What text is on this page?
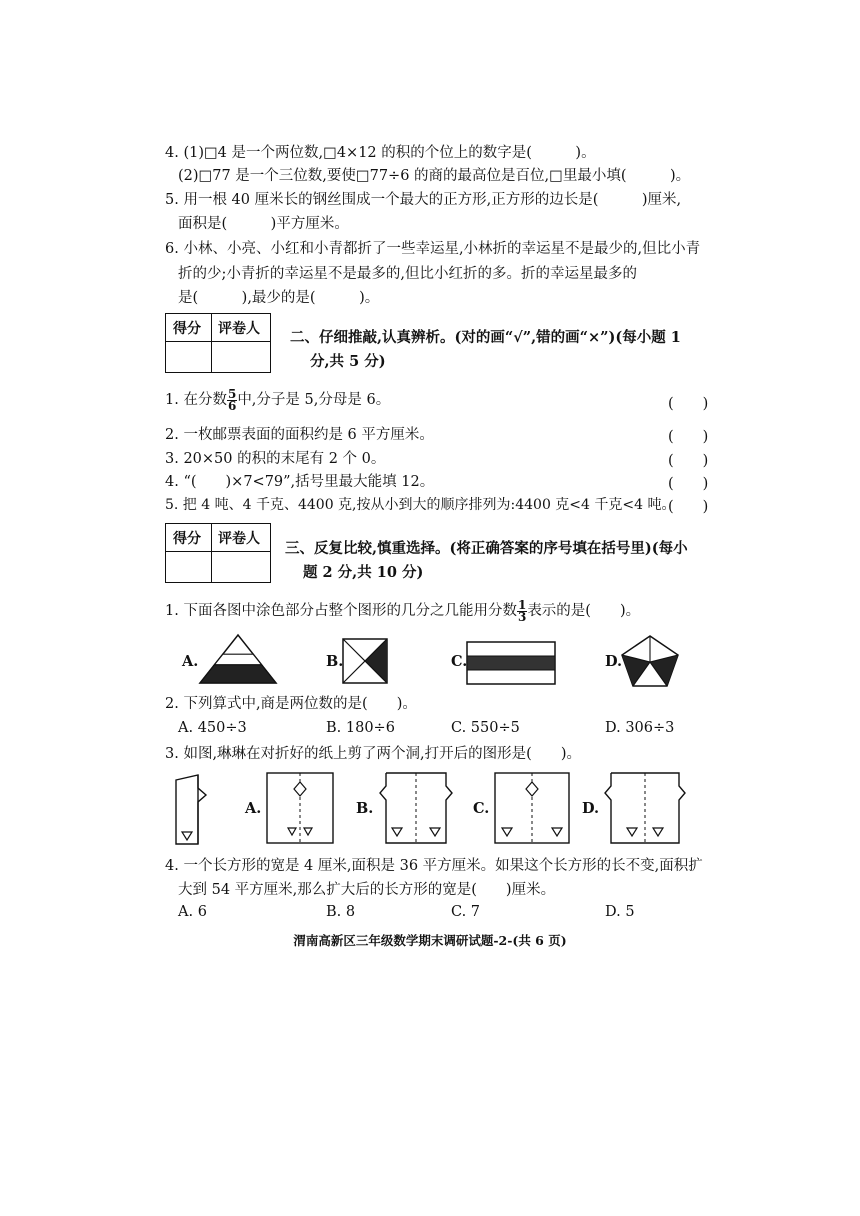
4. (1)□4 是一个两位数,□4×12 的积的个位上的数字是(　　　)。
(2)□77 是一个三位数,要使□77÷6 的商的最高位是百位,□里最小填(　　　)。
5. 用一根 40 厘米长的钢丝围成一个最大的正方形,正方形的边长是(　　　)厘米,
面积是(　　　)平方厘米。
6. 小林、小亮、小红和小青都折了一些幸运星,小林折的幸运星不是最少的,但比小青
折的少;小青折的幸运星不是最多的,但比小红折的多。折的幸运星最多的
是(　　　),最少的是(　　　)。
得分 评卷人 二、仔细推敲,认真辨析。(对的画“√”,错的画“×”)(每小题 1
分,共 5 分)
1. 在分数 $\frac{5}{6}$ 中,分子是 5,分母是 6。	(　　)
2. 一枚邮票表面的面积约是 6 平方厘米。	(　　)
3. 20×50 的积的末尾有 2 个 0。	(　　)
4. “(　　)×7<79”,括号里最大能填 12。	(　　)
5. 把 4 吨、4 千克、4400 克,按从小到大的顺序排列为:4400 克<4 千克<4 吨。
(　　)
得分 评卷人
三、反复比较,慎重选择。(将正确答案的序号填在括号里)(每小
题 2 分,共 10 分)
1. 下面各图中涂色部分占整个图形的几分之几能用分数 $\frac{1}{3}$ 表示的是(　　)。
A.	B.	C.	D.
2. 下列算式中,商是两位数的是(　　)。
A. 450÷3	B. 180÷6	C. 550÷5	D. 306÷3
3. 如图,琳琳在对折好的纸上剪了两个洞,打开后的图形是(　　)。
A.	B.	C.	D.
4. 一个长方形的宽是 4 厘米,面积是 36 平方厘米。如果这个长方形的长不变,面积扩
大到 54 平方厘米,那么扩大后的长方形的宽是(　　)厘米。
A. 6	B. 8	C. 7	D. 5
渭南高新区三年级数学期末调研试题-2-(共 6 页)
